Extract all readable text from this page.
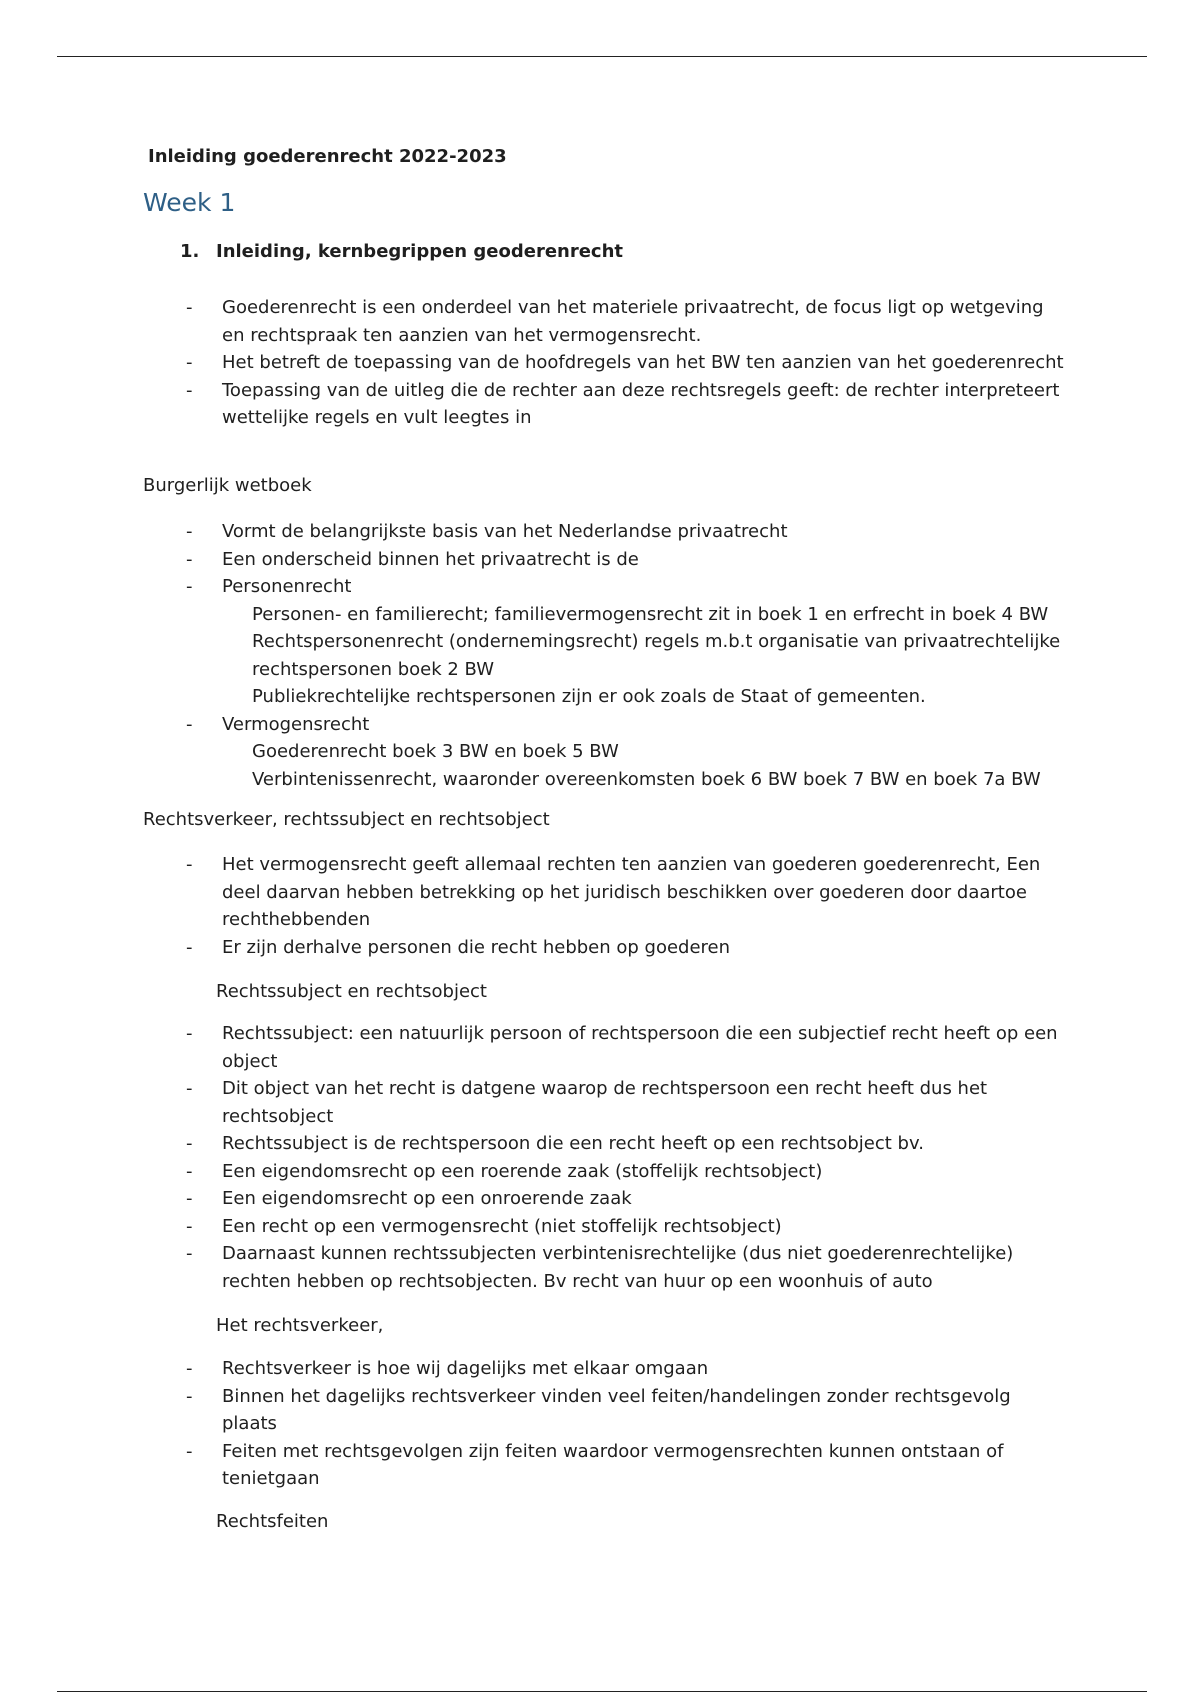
Inleiding goederenrecht 2022-2023
Week 1
1. Inleiding, kernbegrippen geoderenrecht
- Goederenrecht is een onderdeel van het materiele privaatrecht, de focus ligt op wetgeving en rechtspraak ten aanzien van het vermogensrecht.
- Het betreft de toepassing van de hoofdregels van het BW ten aanzien van het goederenrecht
- Toepassing van de uitleg die de rechter aan deze rechtsregels geeft: de rechter interpreteert wettelijke regels en vult leegtes in

Burgerlijk wetboek

- Vormt de belangrijkste basis van het Nederlandse privaatrecht
- Een onderscheid binnen het privaatrecht is de
- Personenrecht
Personen- en familierecht; familievermogensrecht zit in boek 1 en erfrecht in boek 4 BW
Rechtspersonenrecht (ondernemingsrecht) regels m.b.t organisatie van privaatrechtelijke rechtspersonen boek 2 BW
Publiekrechtelijke rechtspersonen zijn er ook zoals de Staat of gemeenten.
- Vermogensrecht
Goederenrecht boek 3 BW en boek 5 BW
Verbintenissenrecht, waaronder overeenkomsten boek 6 BW boek 7 BW en boek 7a BW

Rechtsverkeer, rechtssubject en rechtsobject

- Het vermogensrecht geeft allemaal rechten ten aanzien van goederen goederenrecht, Een deel daarvan hebben betrekking op het juridisch beschikken over goederen door daartoe rechthebbenden
- Er zijn derhalve personen die recht hebben op goederen

Rechtssubject en rechtsobject

- Rechtssubject: een natuurlijk persoon of rechtspersoon die een subjectief recht heeft op een object
- Dit object van het recht is datgene waarop de rechtspersoon een recht heeft dus het rechtsobject
- Rechtssubject is de rechtspersoon die een recht heeft op een rechtsobject bv.
- Een eigendomsrecht op een roerende zaak (stoffelijk rechtsobject)
- Een eigendomsrecht op een onroerende zaak
- Een recht op een vermogensrecht (niet stoffelijk rechtsobject)
- Daarnaast kunnen rechtssubjecten verbintenisrechtelijke (dus niet goederenrechtelijke) rechten hebben op rechtsobjecten. Bv recht van huur op een woonhuis of auto

Het rechtsverkeer,

- Rechtsverkeer is hoe wij dagelijks met elkaar omgaan
- Binnen het dagelijks rechtsverkeer vinden veel feiten/handelingen zonder rechtsgevolg plaats
- Feiten met rechtsgevolgen zijn feiten waardoor vermogensrechten kunnen ontstaan of tenietgaan

Rechtsfeiten
